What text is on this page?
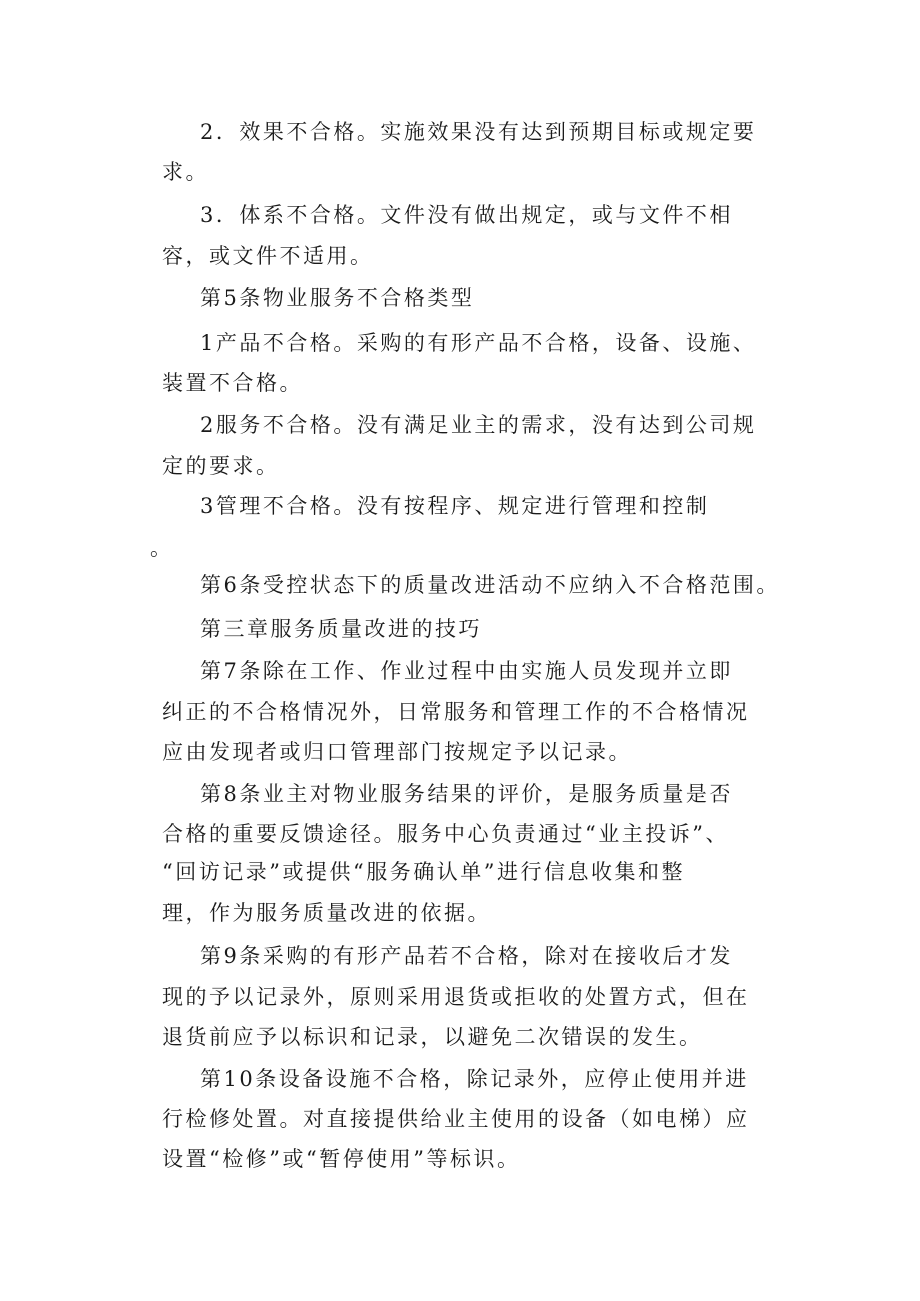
2．效果不合格。实施效果没有达到预期目标或规定要
求。
3．体系不合格。文件没有做出规定，或与文件不相
容，或文件不适用。
第5条物业服务不合格类型
1产品不合格。采购的有形产品不合格，设备、设施、
装置不合格。
2服务不合格。没有满足业主的需求，没有达到公司规
定的要求。
3管理不合格。没有按程序、规定进行管理和控制
。
第6条受控状态下的质量改进活动不应纳入不合格范围。
第三章服务质量改进的技巧
第7条除在工作、作业过程中由实施人员发现并立即
纠正的不合格情况外，日常服务和管理工作的不合格情况
应由发现者或归口管理部门按规定予以记录。
第8条业主对物业服务结果的评价，是服务质量是否
合格的重要反馈途径。服务中心负责通过“业主投诉”、
“回访记录”或提供“服务确认单”进行信息收集和整
理，作为服务质量改进的依据。
第9条采购的有形产品若不合格，除对在接收后才发
现的予以记录外，原则采用退货或拒收的处置方式，但在
退货前应予以标识和记录，以避免二次错误的发生。
第10条设备设施不合格，除记录外，应停止使用并进
行检修处置。对直接提供给业主使用的设备（如电梯）应
设置“检修”或“暂停使用”等标识。
